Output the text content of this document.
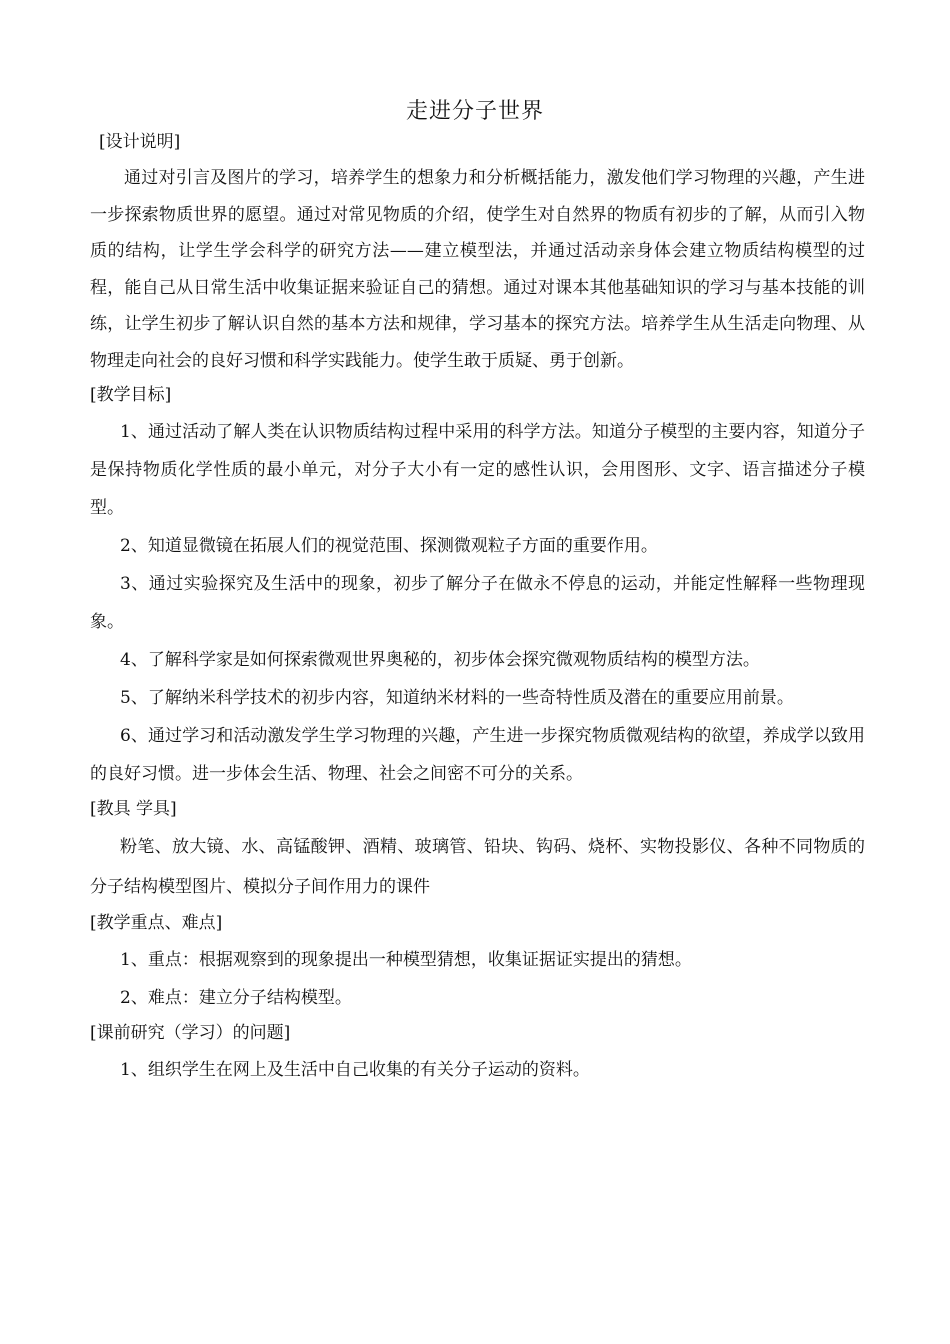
走进分子世界
[设计说明]

通过对引言及图片的学习，培养学生的想象力和分析概括能力，激发他们学习物理的兴趣，产生进一步探索物质世界的愿望。通过对常见物质的介绍，使学生对自然界的物质有初步的了解，从而引入物质的结构，让学生学会科学的研究方法——建立模型法，并通过活动亲身体会建立物质结构模型的过程，能自己从日常生活中收集证据来验证自己的猜想。通过对课本其他基础知识的学习与基本技能的训练，让学生初步了解认识自然的基本方法和规律，学习基本的探究方法。培养学生从生活走向物理、从物理走向社会的良好习惯和科学实践能力。使学生敢于质疑、勇于创新。

[教学目标]

1、通过活动了解人类在认识物质结构过程中采用的科学方法。知道分子模型的主要内容，知道分子是保持物质化学性质的最小单元，对分子大小有一定的感性认识，会用图形、文字、语言描述分子模型。

2、知道显微镜在拓展人们的视觉范围、探测微观粒子方面的重要作用。

3、通过实验探究及生活中的现象，初步了解分子在做永不停息的运动，并能定性解释一些物理现象。

4、了解科学家是如何探索微观世界奥秘的，初步体会探究微观物质结构的模型方法。

5、了解纳米科学技术的初步内容，知道纳米材料的一些奇特性质及潜在的重要应用前景。

6、通过学习和活动激发学生学习物理的兴趣，产生进一步探究物质微观结构的欲望，养成学以致用的良好习惯。进一步体会生活、物理、社会之间密不可分的关系。

[教具 学具]

粉笔、放大镜、水、高锰酸钾、酒精、玻璃管、铅块、钩码、烧杯、实物投影仪、各种不同物质的分子结构模型图片、模拟分子间作用力的课件

[教学重点、难点]

1、重点：根据观察到的现象提出一种模型猜想，收集证据证实提出的猜想。

2、难点：建立分子结构模型。

[课前研究（学习）的问题]

1、组织学生在网上及生活中自己收集的有关分子运动的资料。
